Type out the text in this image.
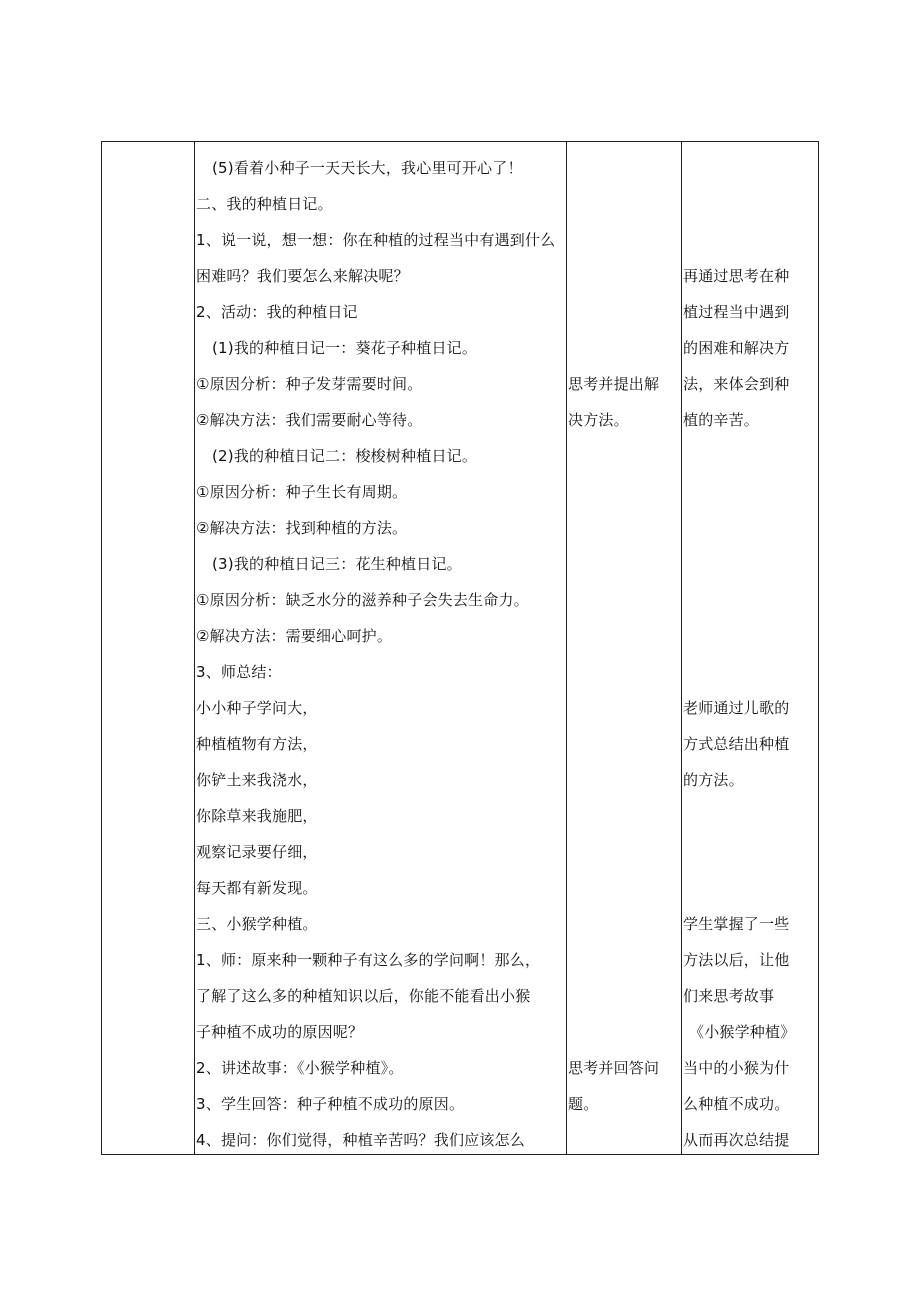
(5)看着小种子一天天长大，我心里可开心了！
二、我的种植日记。
1、说一说，想一想：你在种植的过程当中有遇到什么
困难吗？我们要怎么来解决呢？
2、活动：我的种植日记
(1)我的种植日记一：葵花子种植日记。
①原因分析：种子发芽需要时间。
②解决方法：我们需要耐心等待。
(2)我的种植日记二：梭梭树种植日记。
①原因分析：种子生长有周期。
②解决方法：找到种植的方法。
(3)我的种植日记三：花生种植日记。
①原因分析：缺乏水分的滋养种子会失去生命力。
②解决方法：需要细心呵护。
3、师总结：
小小种子学问大，
种植植物有方法，
你铲土来我浇水，
你除草来我施肥，
观察记录要仔细，
每天都有新发现。
三、小猴学种植。
1、师：原来种一颗种子有这么多的学问啊！那么，
了解了这么多的种植知识以后，你能不能看出小猴
子种植不成功的原因呢？
2、讲述故事：《小猴学种植》。
3、学生回答：种子种植不成功的原因。
4、提问：你们觉得，种植辛苦吗？我们应该怎么
思考并提出解
决方法。
思考并回答问
题。
再通过思考在种
植过程当中遇到
的困难和解决方
法，来体会到种
植的辛苦。
老师通过儿歌的
方式总结出种植
的方法。
学生掌握了一些
方法以后，让他
们来思考故事
《小猴学种植》
当中的小猴为什
么种植不成功。
从而再次总结提
